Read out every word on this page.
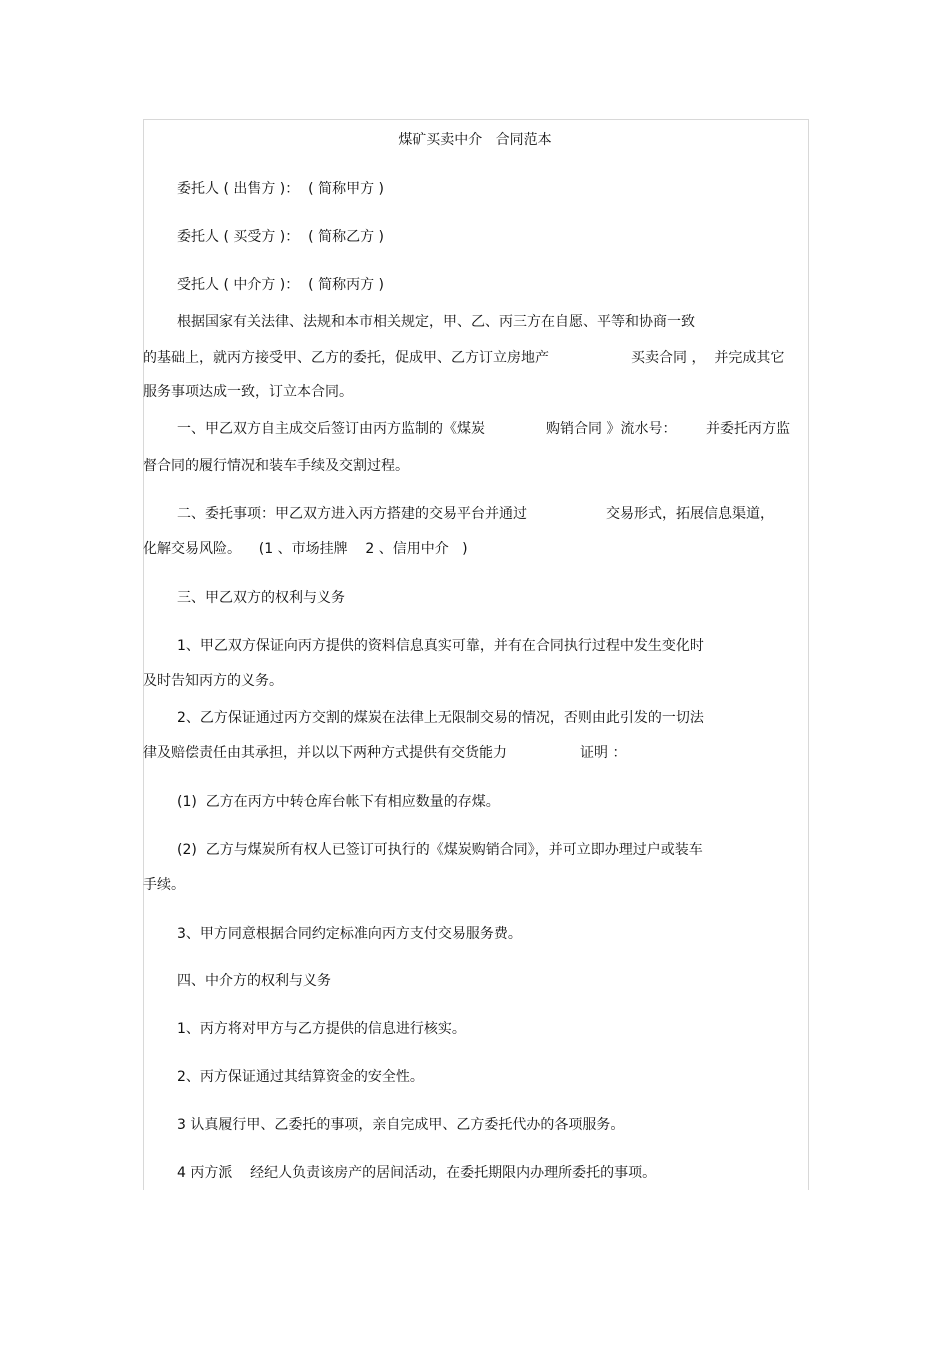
煤矿买卖中介   合同范本
委托人 ( 出售方 )：  ( 简称甲方 )
委托人 ( 买受方 )：  ( 简称乙方 )
受托人 ( 中介方 )：  ( 简称丙方 )
根据国家有关法律、法规和本市相关规定，甲、乙、丙三方在自愿、平等和协商一致
的基础上，就丙方接受甲、乙方的委托，促成甲、乙方订立房地产	买卖合同 ，  并完成其它
服务事项达成一致，订立本合同。
一、甲乙双方自主成交后签订由丙方监制的《煤炭	购销合同 》流水号： 并委托丙方监
督合同的履行情况和装车手续及交割过程。
二、委托事项：甲乙双方进入丙方搭建的交易平台并通过	交易形式，拓展信息渠道，
化解交易风险。    (1 、市场挂牌    2 、信用中介   )
三、甲乙双方的权利与义务
1、甲乙双方保证向丙方提供的资料信息真实可靠，并有在合同执行过程中发生变化时
及时告知丙方的义务。
2、乙方保证通过丙方交割的煤炭在法律上无限制交易的情况，否则由此引发的一切法
律及赔偿责任由其承担，并以以下两种方式提供有交货能力	证明 ：
(1)  乙方在丙方中转仓库台帐下有相应数量的存煤。
(2)  乙方与煤炭所有权人已签订可执行的《煤炭购销合同》，并可立即办理过户或装车
手续。
3、甲方同意根据合同约定标准向丙方支付交易服务费。
四、中介方的权利与义务
1、丙方将对甲方与乙方提供的信息进行核实。
2、丙方保证通过其结算资金的安全性。
3 认真履行甲、乙委托的事项，亲自完成甲、乙方委托代办的各项服务。
4 丙方派    经纪人负责该房产的居间活动，在委托期限内办理所委托的事项。
